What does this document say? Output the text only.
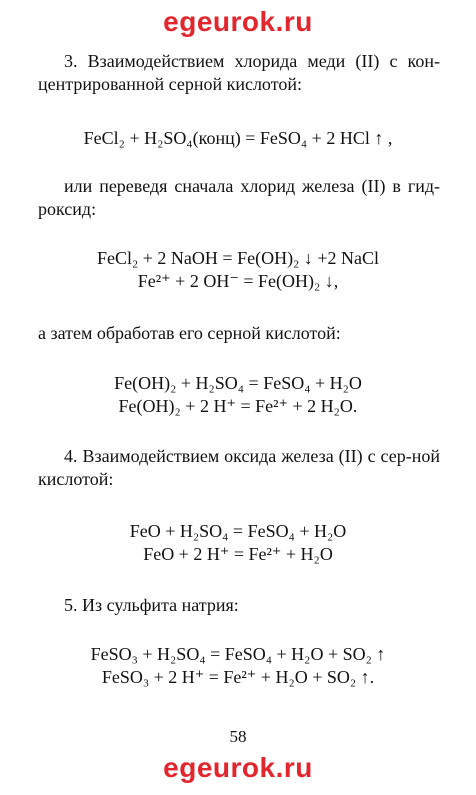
egeurok.ru
3. Взаимодействием хлорида меди (II) с кон-центрированной серной кислотой:
FeCl₂ + H₂SO₄(конц) = FeSO₄ + 2 HCl ↑ ,
или переведя сначала хлорид железа (II) в гид-роксид:
FeCl₂ + 2 NaOH = Fe(OH)₂ ↓ +2 NaCl
Fe²⁺ + 2 OH⁻ = Fe(OH)₂ ↓,
а затем обработав его серной кислотой:
Fe(OH)₂ + H₂SO₄ = FeSO₄ + H₂O
Fe(OH)₂ + 2 H⁺ = Fe²⁺ + 2 H₂O.
4. Взаимодействием оксида железа (II) с сер-ной кислотой:
FeO + H₂SO₄ = FeSO₄ + H₂O
FeO + 2 H⁺ = Fe²⁺ + H₂O
5. Из сульфита натрия:
FeSO₃ + H₂SO₄ = FeSO₄ + H₂O + SO₂ ↑
FeSO₃ + 2 H⁺ = Fe²⁺ + H₂O + SO₂ ↑.
58
egeurok.ru
